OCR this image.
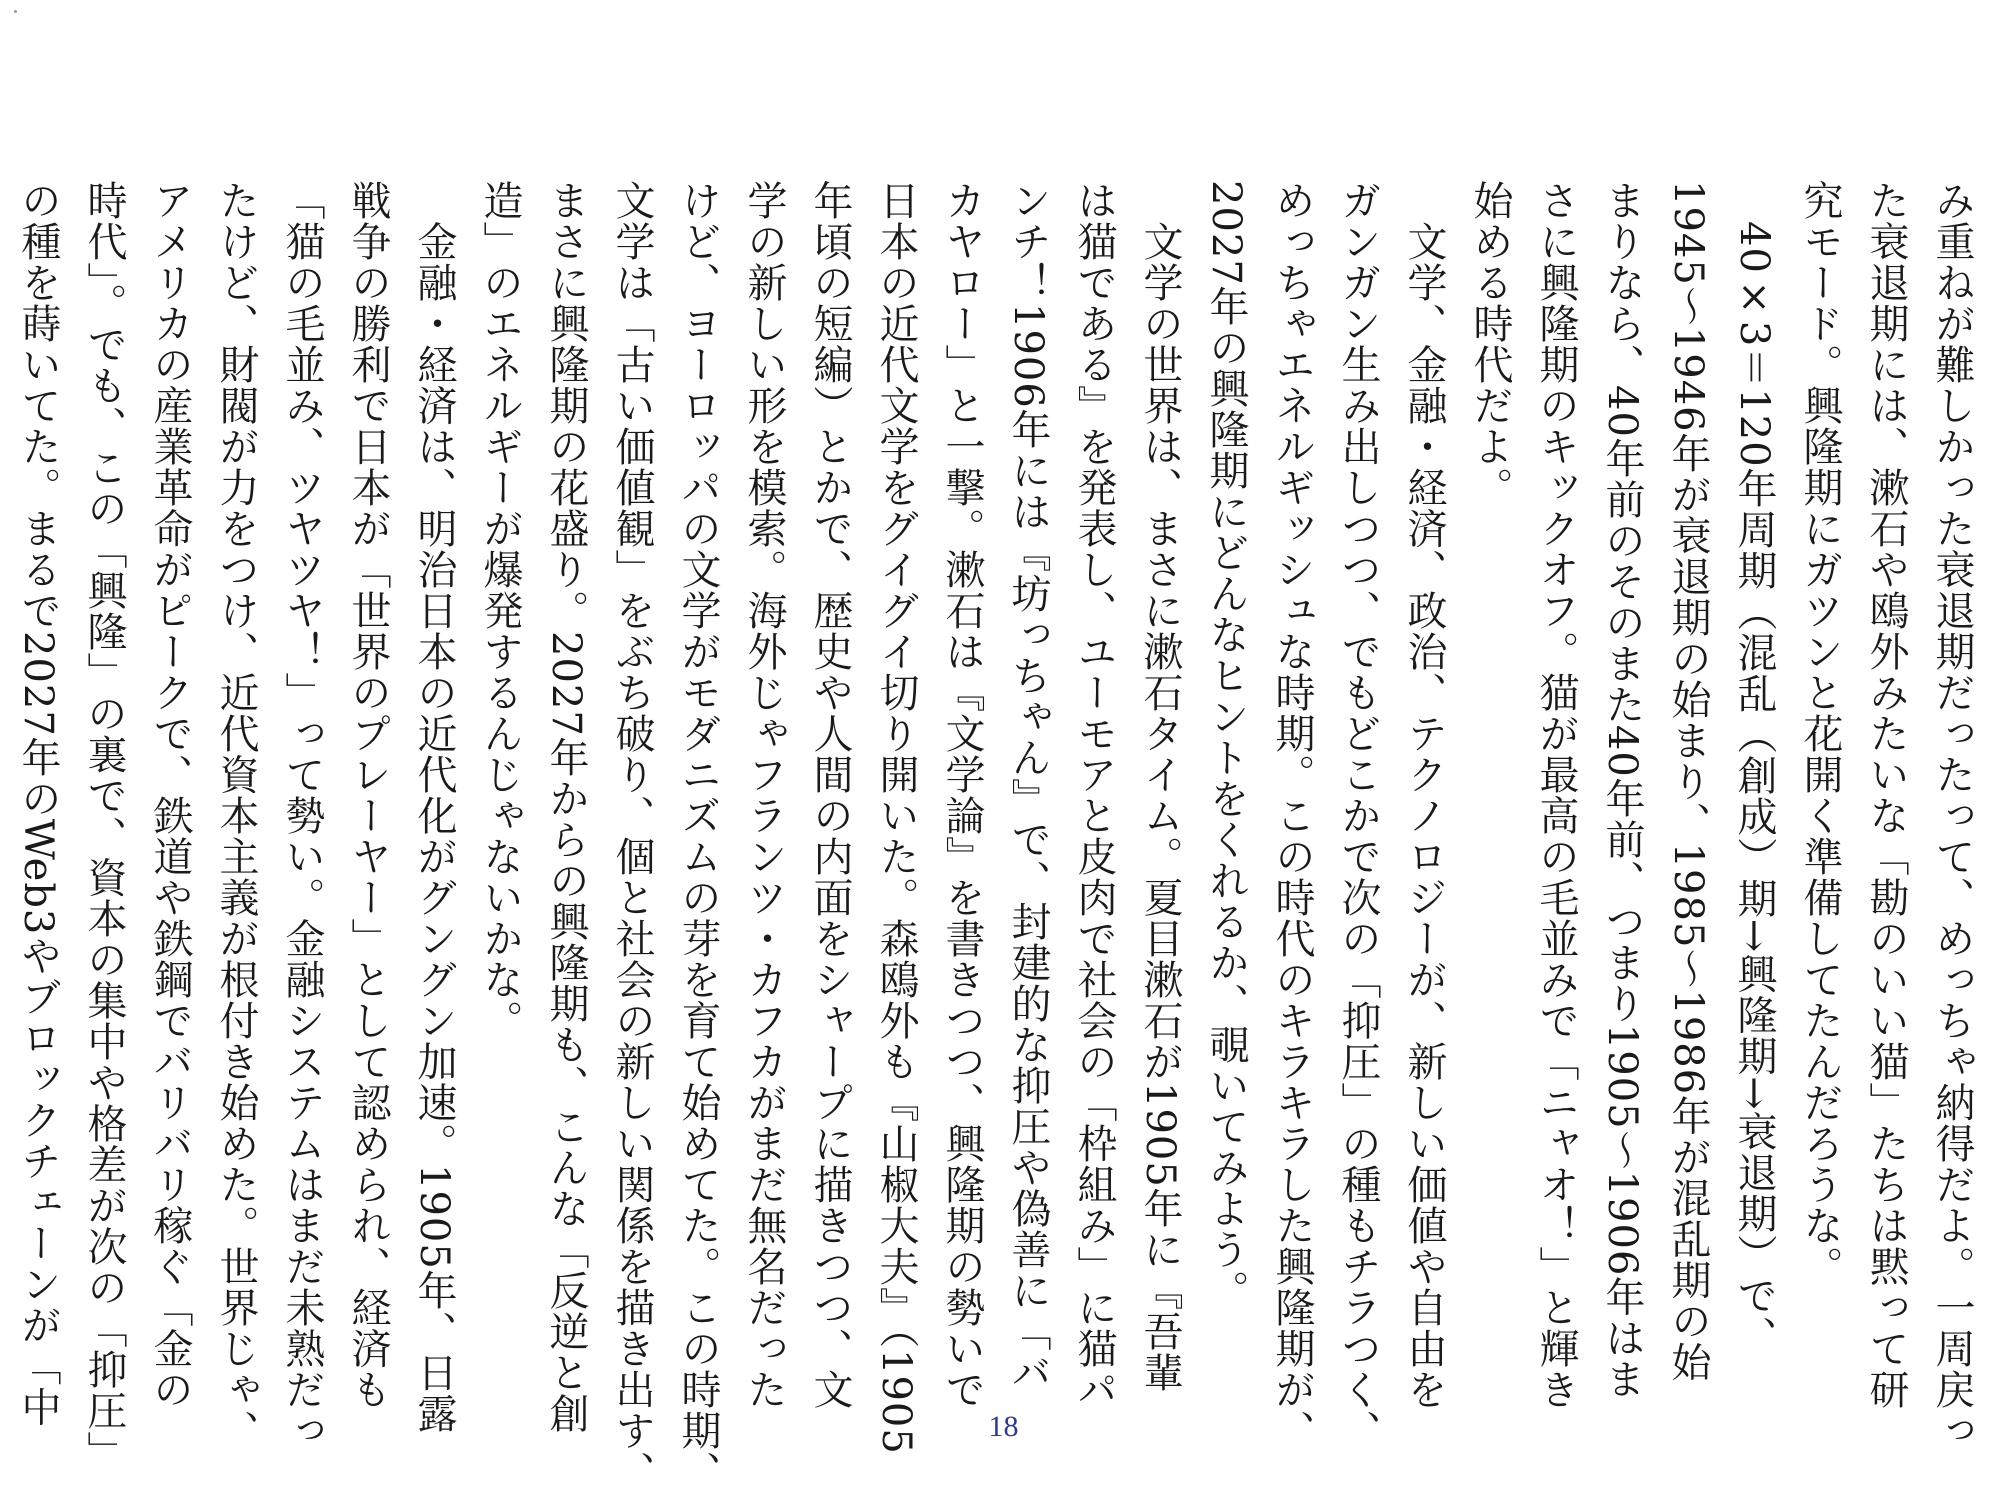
み重ねが難しかった衰退期だったって、めっちゃ納得だよ。一周戻っ
た衰退期には、漱石や鴎外みたいな「勘のいい猫」たちは黙って研
究モード。興隆期にガツンと花開く準備してたんだろうな。

　40×3＝120年周期（混乱（創成）期→興隆期→衰退期）で、
1945～1946年が衰退期の始まり、1985～1986年が混乱期の始
まりなら、40年前のそのまた40年前、つまり1905～1906年はま
さに興隆期のキックオフ。猫が最高の毛並みで「ニャオ！」と輝き
始める時代だよ。

　文学、金融・経済、政治、テクノロジーが、新しい価値や自由を
ガンガン生み出しつつ、でもどこかで次の「抑圧」の種もチラつく、
めっちゃエネルギッシュな時期。この時代のキラキラした興隆期が、
2027年の興隆期にどんなヒントをくれるか、覗いてみよう。

　文学の世界は、まさに漱石タイム。夏目漱石が1905年に『吾輩
は猫である』を発表し、ユーモアと皮肉で社会の「枠組み」に猫パ
ンチ！1906年には『坊っちゃん』で、封建的な抑圧や偽善に「バ
カヤロー」と一撃。漱石は『文学論』を書きつつ、興隆期の勢いで
日本の近代文学をグイグイ切り開いた。森鴎外も『山椒大夫』（1905
年頃の短編）とかで、歴史や人間の内面をシャープに描きつつ、文
学の新しい形を模索。海外じゃフランツ・カフカがまだ無名だった
けど、ヨーロッパの文学がモダニズムの芽を育て始めてた。この時期、
文学は「古い価値観」をぶち破り、個と社会の新しい関係を描き出す、
まさに興隆期の花盛り。2027年からの興隆期も、こんな「反逆と創
造」のエネルギーが爆発するんじゃないかな。

　金融・経済は、明治日本の近代化がグングン加速。1905年、日露
戦争の勝利で日本が「世界のプレーヤー」として認められ、経済も
「猫の毛並み、ツヤツヤ！」って勢い。金融システムはまだ未熟だっ
たけど、財閥が力をつけ、近代資本主義が根付き始めた。世界じゃ、
アメリカの産業革命がピークで、鉄道や鉄鋼でバリバリ稼ぐ「金の
時代」。でも、この「興隆」の裏で、資本の集中や格差が次の「抑圧」
の種を蒔いてた。まるで2027年のWeb3やブロックチェーンが「中	18
